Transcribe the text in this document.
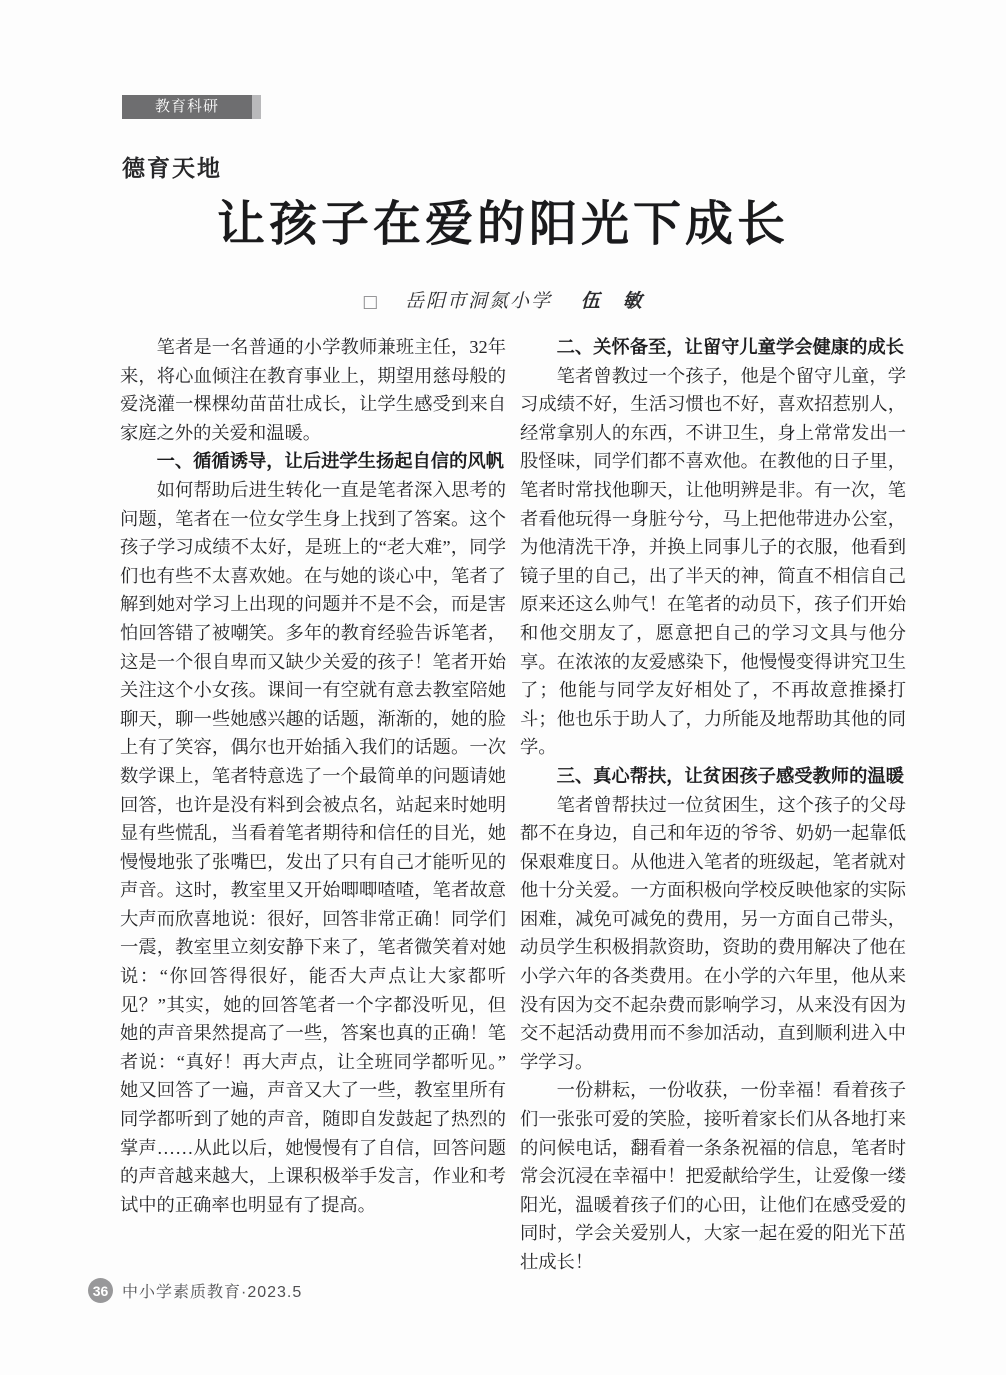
教育科研
德育天地
让孩子在爱的阳光下成长
□ 岳阳市洞氮小学 伍　敏

笔者是一名普通的小学教师兼班主任，32年来，将心血倾注在教育事业上，期望用慈母般的爱浇灌一棵棵幼苗苗壮成长，让学生感受到来自家庭之外的关爱和温暖。

一、循循诱导，让后进学生扬起自信的风帆

如何帮助后进生转化一直是笔者深入思考的问题，笔者在一位女学生身上找到了答案。这个孩子学习成绩不太好，是班上的“老大难”，同学们也有些不太喜欢她。在与她的谈心中，笔者了解到她对学习上出现的问题并不是不会，而是害怕回答错了被嘲笑。多年的教育经验告诉笔者，这是一个很自卑而又缺少关爱的孩子！笔者开始关注这个小女孩。课间一有空就有意去教室陪她聊天，聊一些她感兴趣的话题，渐渐的，她的脸上有了笑容，偶尔也开始插入我们的话题。一次数学课上，笔者特意选了一个最简单的问题请她回答，也许是没有料到会被点名，站起来时她明显有些慌乱，当看着笔者期待和信任的目光，她慢慢地张了张嘴巴，发出了只有自己才能听见的声音。这时，教室里又开始唧唧喳喳，笔者故意大声而欣喜地说：很好，回答非常正确！同学们一震，教室里立刻安静下来了，笔者微笑着对她说：“你回答得很好，能否大声点让大家都听见？”其实，她的回答笔者一个字都没听见，但她的声音果然提高了一些，答案也真的正确！笔者说：“真好！再大声点，让全班同学都听见。”她又回答了一遍，声音又大了一些，教室里所有同学都听到了她的声音，随即自发鼓起了热烈的掌声……从此以后，她慢慢有了自信，回答问题的声音越来越大，上课积极举手发言，作业和考试中的正确率也明显有了提高。

二、关怀备至，让留守儿童学会健康的成长

笔者曾教过一个孩子，他是个留守儿童，学习成绩不好，生活习惯也不好，喜欢招惹别人，经常拿别人的东西，不讲卫生，身上常常发出一股怪味，同学们都不喜欢他。在教他的日子里，笔者时常找他聊天，让他明辨是非。有一次，笔者看他玩得一身脏兮兮，马上把他带进办公室，为他清洗干净，并换上同事儿子的衣服，他看到镜子里的自己，出了半天的神，简直不相信自己原来还这么帅气！在笔者的动员下，孩子们开始和他交朋友了，愿意把自己的学习文具与他分享。在浓浓的友爱感染下，他慢慢变得讲究卫生了；他能与同学友好相处了，不再故意推搡打斗；他也乐于助人了，力所能及地帮助其他的同学。

三、真心帮扶，让贫困孩子感受教师的温暖

笔者曾帮扶过一位贫困生，这个孩子的父母都不在身边，自己和年迈的爷爷、奶奶一起靠低保艰难度日。从他进入笔者的班级起，笔者就对他十分关爱。一方面积极向学校反映他家的实际困难，减免可减免的费用，另一方面自己带头，动员学生积极捐款资助，资助的费用解决了他在小学六年的各类费用。在小学的六年里，他从来没有因为交不起杂费而影响学习，从来没有因为交不起活动费用而不参加活动，直到顺利进入中学学习。

一份耕耘，一份收获，一份幸福！看着孩子们一张张可爱的笑脸，接听着家长们从各地打来的问候电话，翻看着一条条祝福的信息，笔者时常会沉浸在幸福中！把爱献给学生，让爱像一缕阳光，温暖着孩子们的心田，让他们在感受爱的同时，学会关爱别人，大家一起在爱的阳光下茁壮成长！

36 中小学素质教育·2023.5
